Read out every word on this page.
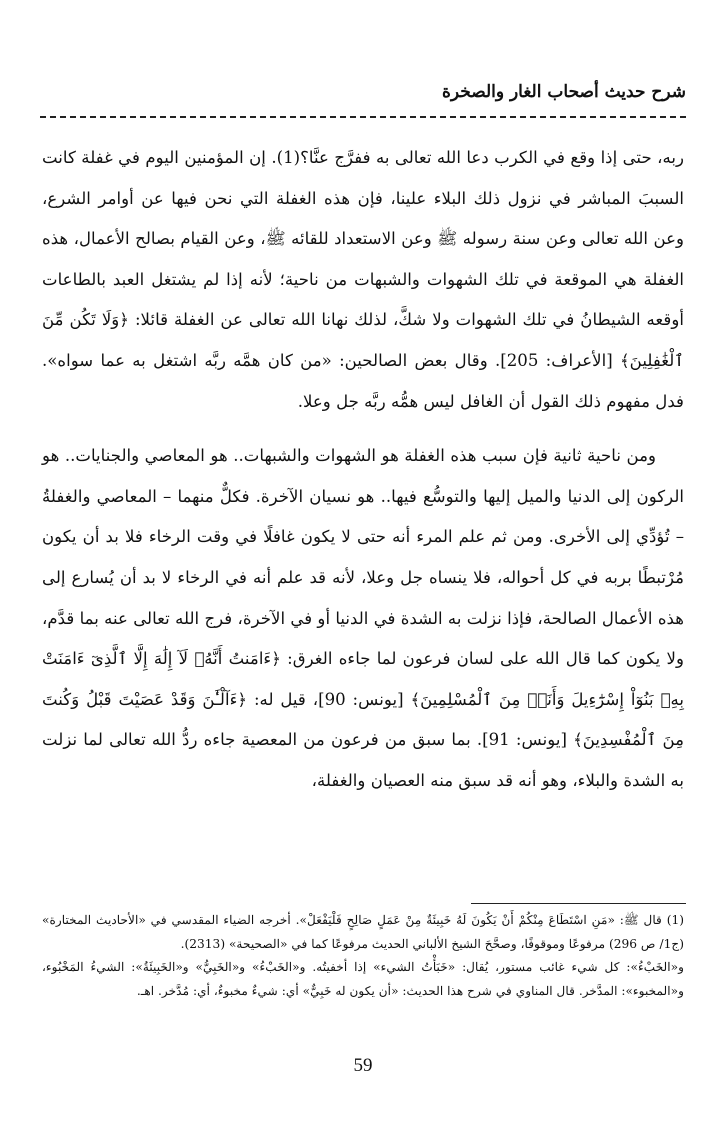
شرح حديث أصحاب الغار والصخرة

ربه، حتى إذا وقع في الكرب دعا الله تعالى به ففرَّج عنَّا؟(1). إن المؤمنين اليوم في غفلة كانت السببَ المباشر في نزول ذلك البلاء علينا، فإن هذه الغفلة التي نحن فيها عن أوامر الشرع، وعن الله تعالى وعن سنة رسوله ﷺ وعن الاستعداد للقائه ﷺ، وعن القيام بصالح الأعمال، هذه الغفلة هي الموقعة في تلك الشهوات والشبهات من ناحية؛ لأنه إذا لم يشتغل العبد بالطاعات أوقعه الشيطانُ في تلك الشهوات ولا شكَّ، لذلك نهانا الله تعالى عن الغفلة قائلا: ﴿وَلَا تَكُن مِّنَ ٱلْغَٰفِلِينَ﴾ [الأعراف: 205]. وقال بعض الصالحين: «من كان همَّه ربَّه اشتغل به عما سواه». فدل مفهوم ذلك القول أن الغافل ليس همُّه ربَّه جل وعلا.

ومن ناحية ثانية فإن سبب هذه الغفلة هو الشهوات والشبهات.. هو المعاصي والجنايات.. هو الركون إلى الدنيا والميل إليها والتوسُّع فيها.. هو نسيان الآخرة. فكلٌّ منهما – المعاصي والغفلةُ – تُؤدِّي إلى الأخرى. ومن ثم علم المرء أنه حتى لا يكون غافلًا في وقت الرخاء فلا بد أن يكون مُرْتبطًا بربه في كل أحواله، فلا ينساه جل وعلا، لأنه قد علم أنه في الرخاء لا بد أن يُسارع إلى هذه الأعمال الصالحة، فإذا نزلت به الشدة في الدنيا أو في الآخرة، فرج الله تعالى عنه بما قدَّم، ولا يكون كما قال الله على لسان فرعون لما جاءه الغرق: ﴿ءَامَنتُ أَنَّهُۥ لَآ إِلَٰهَ إِلَّا ٱلَّذِىٓ ءَامَنَتْ بِهِۦ بَنُوٓاْ إِسْرَٰٓءِيلَ وَأَنَا۠ مِنَ ٱلْمُسْلِمِينَ﴾ [يونس: 90]، قيل له: ﴿ءَآلْـَٰٔنَ وَقَدْ عَصَيْتَ قَبْلُ وَكُنتَ مِنَ ٱلْمُفْسِدِينَ﴾ [يونس: 91]. بما سبق من فرعون من المعصية جاءه ردُّ الله تعالى لما نزلت به الشدة والبلاء، وهو أنه قد سبق منه العصيان والغفلة،

(1) قال ﷺ: «مَنِ اسْتَطَاعَ مِنْكُمْ أَنْ يَكُونَ لَهُ خَبِيئَةٌ مِنْ عَمَلٍ صَالِحٍ فَلْيَفْعَلْ». أخرجه الضياء المقدسي في «الأحاديث المختارة» (ج1/ ص 296) مرفوعًا وموقوفًا، وصحَّحَ الشيخ الألباني الحديث مرفوعًا كما في «الصحيحة» (2313).

و«الخَبْءُ»: كل شيء غائب مستور، يُقال: «خَبَأْتُ الشيء» إذا أخفيتُه. و«الخَبْءُ» و«الخَبِيُّ» و«الخَبِيئَةُ»: الشيءُ المَخْبُوء، و«المخبوء»: المدَّخر. قال المناوي في شرح هذا الحديث: «أن يكون له خَبِيٌّ» أي: شيءٌ مخبوءٌ، أي: مُدَّخر. اهـ.

59
